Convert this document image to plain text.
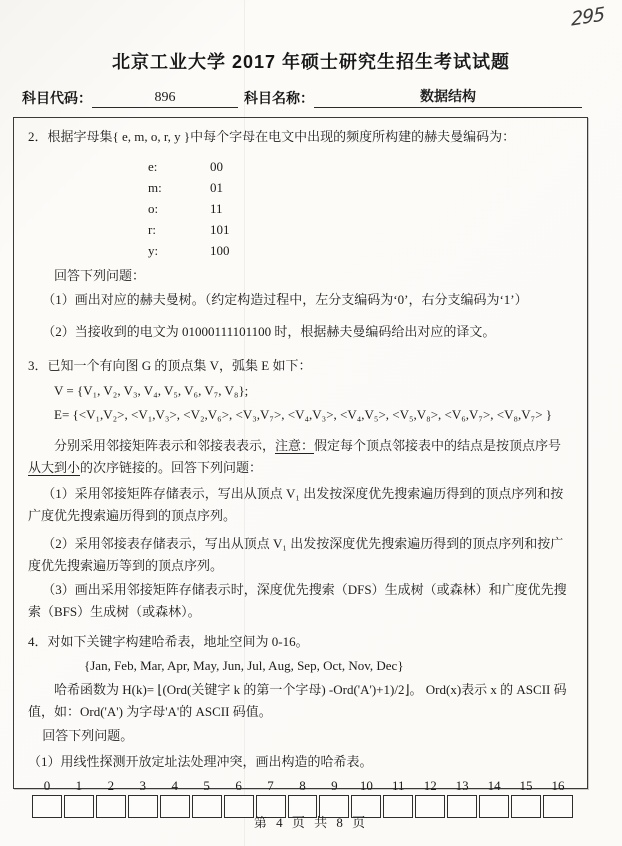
295
北京工业大学 2017 年硕士研究生招生考试试题
科目代码：	896	科目名称：	数据结构

2．根据字母集{ e, m, o, r, y }中每个字母在电文中出现的频度所构建的赫夫曼编码为：

e:	00
m:	01
o:	11
r:	101
y:	100

回答下列问题：

（1）画出对应的赫夫曼树。（约定构造过程中，左分支编码为‘0’，右分支编码为‘1’）

（2）当接收到的电文为 01000111101100 时，根据赫夫曼编码给出对应的译文。

3．已知一个有向图 G 的顶点集 V，弧集 E 如下：

V = {V₁, V₂, V₃, V₄, V₅, V₆, V₇, V₈};

E= {<V₁,V₂>, <V₁,V₃>, <V₂,V₆>, <V₃,V₇>, <V₄,V₃>, <V₄,V₅>, <V₅,V₈>, <V₆,V₇>, <V₈,V₇> }

分别采用邻接矩阵表示和邻接表表示，注意：假定每个顶点邻接表中的结点是按顶点序号从大到小的次序链接的。回答下列问题：

（1）采用邻接矩阵存储表示，写出从顶点 V₁ 出发按深度优先搜索遍历得到的顶点序列和按广度优先搜索遍历得到的顶点序列。

（2）采用邻接表存储表示，写出从顶点 V₁ 出发按深度优先搜索遍历得到的顶点序列和按广度优先搜索遍历等到的顶点序列。

（3）画出采用邻接矩阵存储表示时，深度优先搜索（DFS）生成树（或森林）和广度优先搜索（BFS）生成树（或森林）。

4．对如下关键字构建哈希表，地址空间为 0-16。

{Jan, Feb, Mar, Apr, May, Jun, Jul, Aug, Sep, Oct, Nov, Dec}

哈希函数为 H(k)= ⌊(Ord(关键字 k 的第一个字母) -Ord('A')+1)/2⌋。 Ord(x)表示 x 的 ASCII 码值，如：Ord('A') 为字母'A'的 ASCII 码值。

回答下列问题。

（1）用线性探测开放定址法处理冲突，画出构造的哈希表。

0	1	2	3	4	5	6	7	8	9	10	11	12	13	14	15	16
第 4 页 共 8 页
